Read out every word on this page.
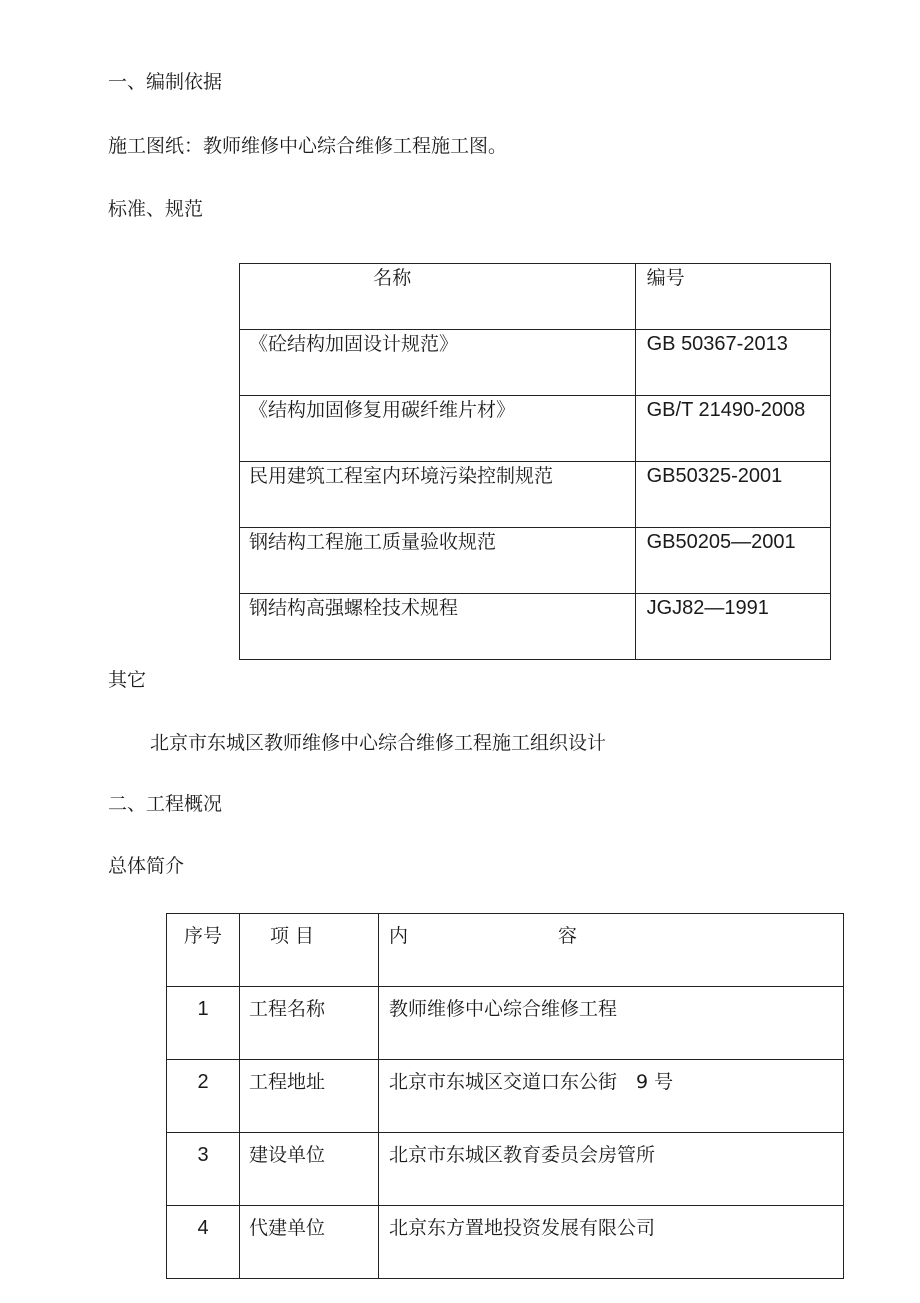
一、编制依据
施工图纸：教师维修中心综合维修工程施工图。
标准、规范
名称	编号
《砼结构加固设计规范》	GB 50367-2013
《结构加固修复用碳纤维片材》	GB/T 21490-2008
民用建筑工程室内环境污染控制规范	GB50325-2001
钢结构工程施工质量验收规范	GB50205—2001
钢结构高强螺栓技术规程	JGJ82—1991
其它
北京市东城区教师维修中心综合维修工程施工组织设计
二、工程概况
总体简介
序号	项 目	内 容
1	工程名称	教师维修中心综合维修工程
2	工程地址	北京市东城区交道口东公街　9 号
3	建设单位	北京市东城区教育委员会房管所
4	代建单位	北京东方置地投资发展有限公司
